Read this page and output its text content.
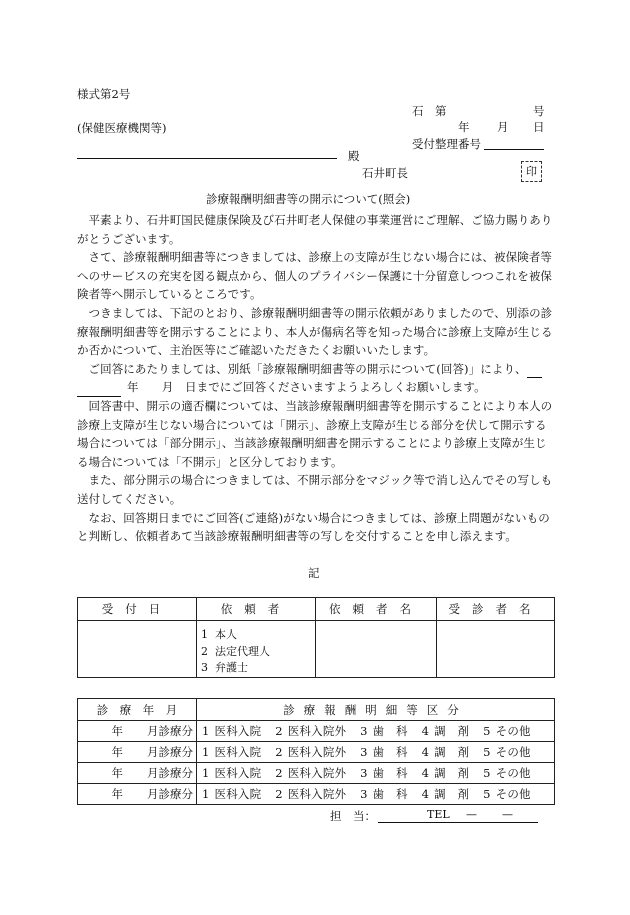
様式第2号
石　第	号
(保健医療機関等)	年 月 日
受付整理番号
殿
石井町長	印
診療報酬明細書等の開示について(照会)

平素より、石井町国民健康保険及び石井町老人保健の事業運営にご理解、ご協力賜りありがとうございます。

さて、診療報酬明細書等につきましては、診療上の支障が生じない場合には、被保険者等へのサービスの充実を図る観点から、個人のプライバシー保護に十分留意しつつこれを被保険者等へ開示しているところです。

つきましては、下記のとおり、診療報酬明細書等の開示依頼がありましたので、別添の診療報酬明細書等を開示することにより、本人が傷病名等を知った場合に診療上支障が生じるか否かについて、主治医等にご確認いただきたくお願いいたします。

ご回答にあたりましては、別紙「診療報酬明細書等の開示について(回答)」により、
年　　 月　 日までにご回答くださいますようよろしくお願いします。

回答書中、開示の適否欄については、当該診療報酬明細書等を開示することにより本人の診療上支障が生じない場合については「開示」、診療上支障が生じる部分を伏して開示する場合については「部分開示」、当該診療報酬明細書を開示することにより診療上支障が生じる場合については「不開示」と区分しております。

また、部分開示の場合につきましては、不開示部分をマジック等で消し込んでその写しも送付してください。

なお、回答期日までにご回答(ご連絡)がない場合につきましては、診療上問題がないものと判断し、依頼者あて当該診療報酬明細書等の写しを交付することを申し添えます。

記
受付日	依頼者	依頼者名	受診者名

	1 本人
2 法定代理人
3 弁護士		

診　療　年　月	診療報酬明細等区分
年 月診療分	1 医科入院 2 医科入院外 3 歯　科 4 調　剤 5 その他
年 月診療分	1 医科入院 2 医科入院外 3 歯　科 4 調　剤 5 その他
年 月診療分	1 医科入院 2 医科入院外 3 歯　科 4 調　剤 5 その他
年 月診療分	1 医科入院 2 医科入院外 3 歯　科 4 調　剤 5 その他
担　当：	TEL — —
